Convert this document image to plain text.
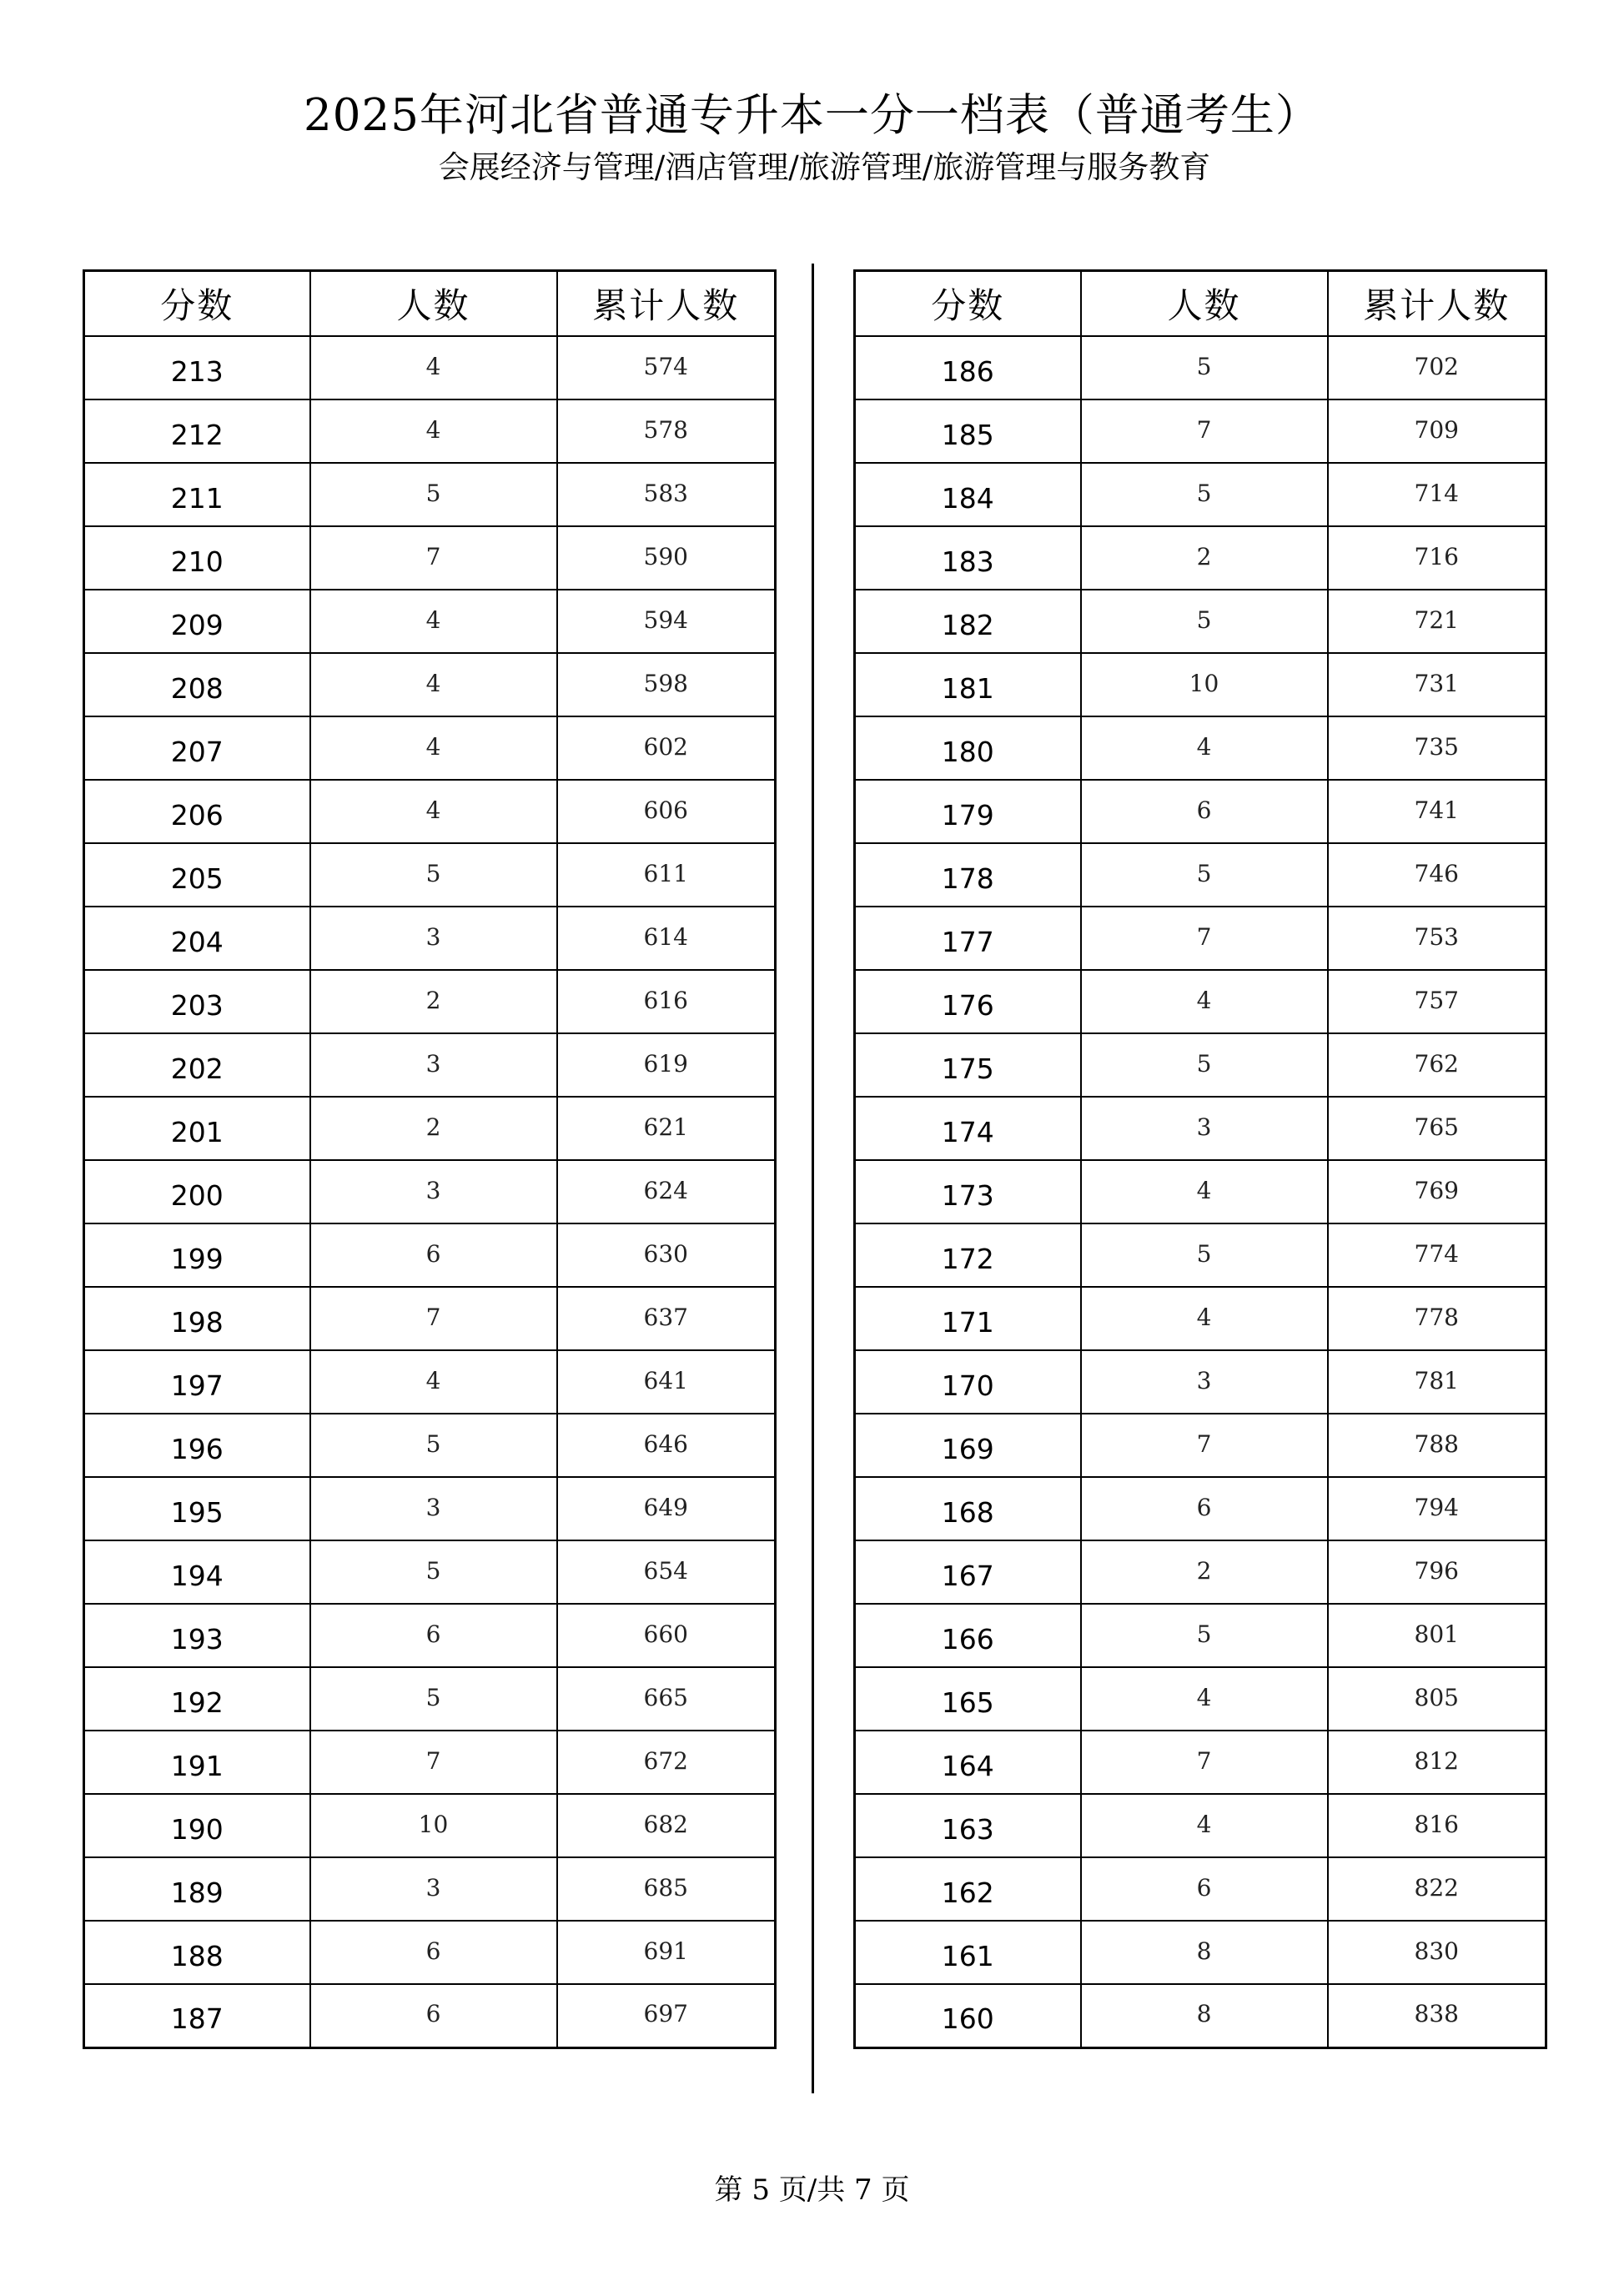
2025年河北省普通专升本一分一档表（普通考生）
会展经济与管理/酒店管理/旅游管理/旅游管理与服务教育
分数	人数	累计人数
213	4	574
212	4	578
211	5	583
210	7	590
209	4	594
208	4	598
207	4	602
206	4	606
205	5	611
204	3	614
203	2	616
202	3	619
201	2	621
200	3	624
199	6	630
198	7	637
197	4	641
196	5	646
195	3	649
194	5	654
193	6	660
192	5	665
191	7	672
190	10	682
189	3	685
188	6	691
187	6	697
分数	人数	累计人数
186	5	702
185	7	709
184	5	714
183	2	716
182	5	721
181	10	731
180	4	735
179	6	741
178	5	746
177	7	753
176	4	757
175	5	762
174	3	765
173	4	769
172	5	774
171	4	778
170	3	781
169	7	788
168	6	794
167	2	796
166	5	801
165	4	805
164	7	812
163	4	816
162	6	822
161	8	830
160	8	838
第 5 页/共 7 页
